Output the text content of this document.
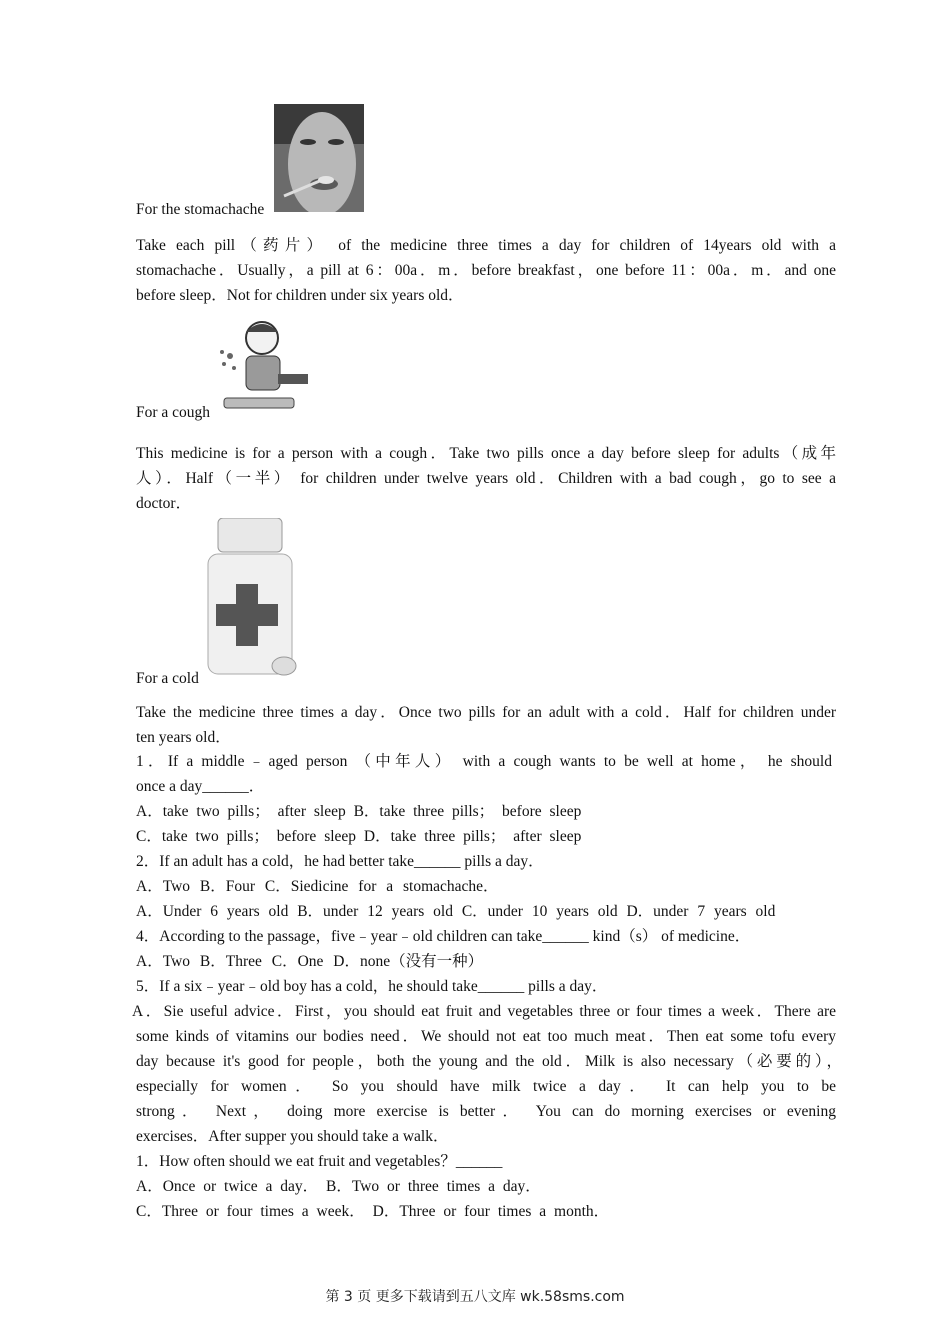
For the stomachache
Take each pill（药片） of the medicine three times a day for children of 14years old with a
stomachache．Usually，a pill at 6：00a．m．before breakfast，one before 11：00a．m．and one
before sleep．Not for children under six years old．
For a cough
This medicine is for a person with a cough．Take two pills once a day before sleep for adults（成年
人）．Half（一半） for children under twelve years old．Children with a bad cough，go to see a
doctor．
For a cold
Take the medicine three times a day．Once two pills for an adult with a cold．Half for children under
ten years old．
1．If a middle﹣aged person （中年人） with a cough wants to be well at home， he should
once a day______．
A．take two pills； after sleep B．take three pills； before sleep
C．take two pills； before sleep D．take three pills； after sleep
2．If an adult has a cold，he had better take______ pills a day．
A．Two B．Four C．Siedicine for a stomachache．
A．Under 6 years old B．under 12 years old C．under 10 years old D．under 7 years old
4．According to the passage，five﹣year﹣old children can take______ kind（s） of medicine．
A．Two B．Three C．One D．none（没有一种）
5．If a six﹣year﹣old boy has a cold，he should take______ pills a day．
A．Sie useful advice．First，you should eat fruit and vegetables three or four times a week．There are
some kinds of vitamins our bodies need．We should not eat too much meat．Then eat some tofu every
day because it's good for people，both the young and the old．Milk is also necessary（必要的），
especially for women． So you should have milk twice a day． It can help you to be
strong． Next， doing more exercise is better． You can do morning exercises or evening
exercises．After supper you should take a walk．
1．How often should we eat fruit and vegetables？______
A．Once or twice a day． B．Two or three times a day．
C．Three or four times a week． D．Three or four times a month．
第 3 页 更多下载请到五八文库 wk.58sms.com
